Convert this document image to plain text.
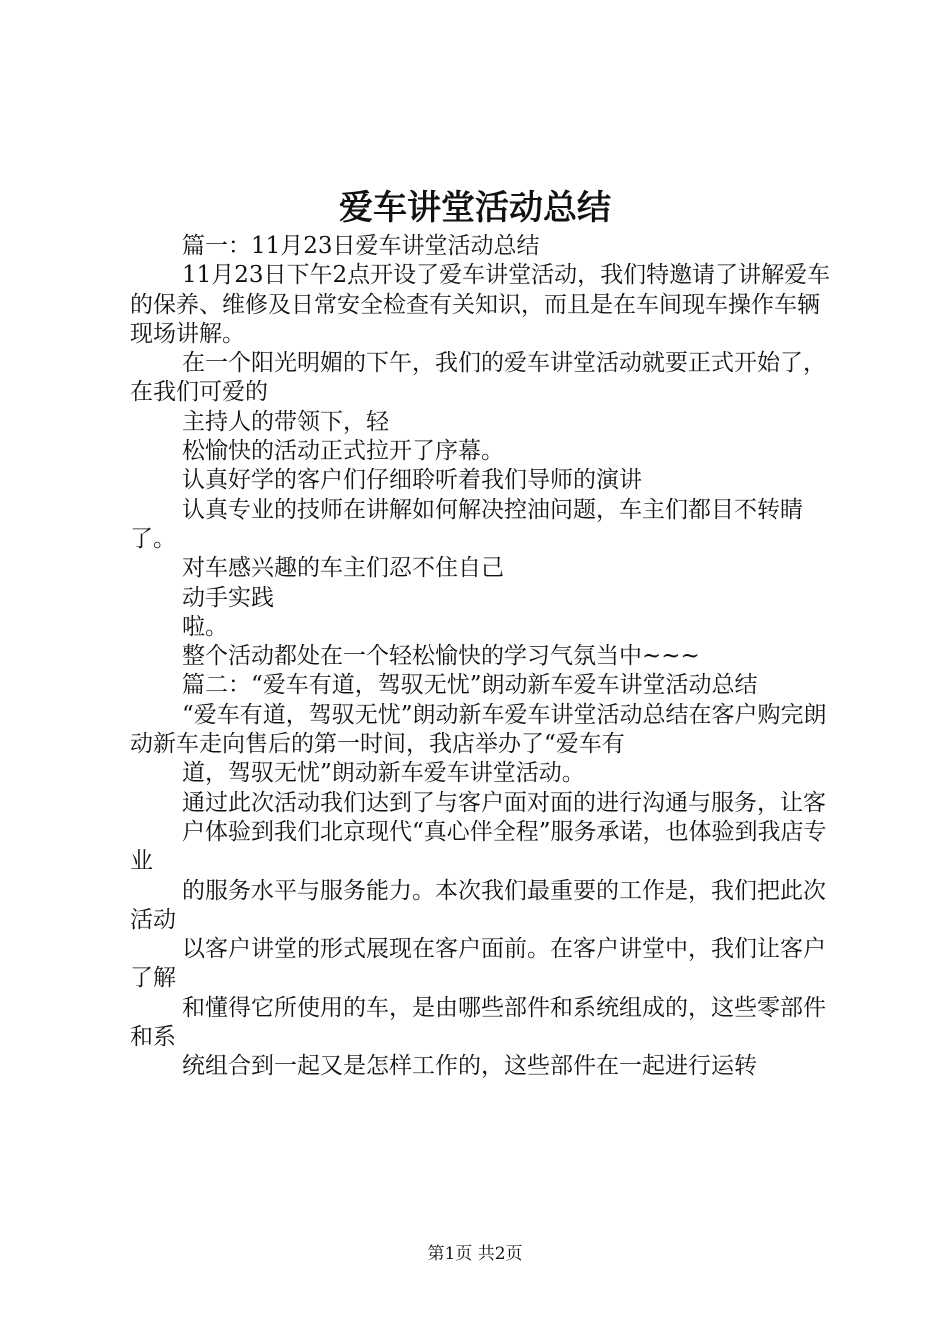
爱车讲堂活动总结

篇一：11月23日爱车讲堂活动总结

11月23日下午2点开设了爱车讲堂活动，我们特邀请了讲解爱车的保养、维修及日常安全检查有关知识，而且是在车间现车操作车辆现场讲解。

在一个阳光明媚的下午，我们的爱车讲堂活动就要正式开始了，在我们可爱的

主持人的带领下，轻

松愉快的活动正式拉开了序幕。

认真好学的客户们仔细聆听着我们导师的演讲

认真专业的技师在讲解如何解决控油问题，车主们都目不转睛了。

对车感兴趣的车主们忍不住自己

动手实践

啦。

整个活动都处在一个轻松愉快的学习气氛当中~~~

篇二：“爱车有道，驾驭无忧”朗动新车爱车讲堂活动总结

“爱车有道，驾驭无忧”朗动新车爱车讲堂活动总结在客户购完朗动新车走向售后的第一时间，我店举办了“爱车有

道，驾驭无忧”朗动新车爱车讲堂活动。

通过此次活动我们达到了与客户面对面的进行沟通与服务，让客

户体验到我们北京现代“真心伴全程”服务承诺，也体验到我店专业

的服务水平与服务能力。本次我们最重要的工作是，我们把此次活动

以客户讲堂的形式展现在客户面前。在客户讲堂中，我们让客户了解

和懂得它所使用的车，是由哪些部件和系统组成的，这些零部件和系

统组合到一起又是怎样工作的，这些部件在一起进行运转

第1页 共2页
